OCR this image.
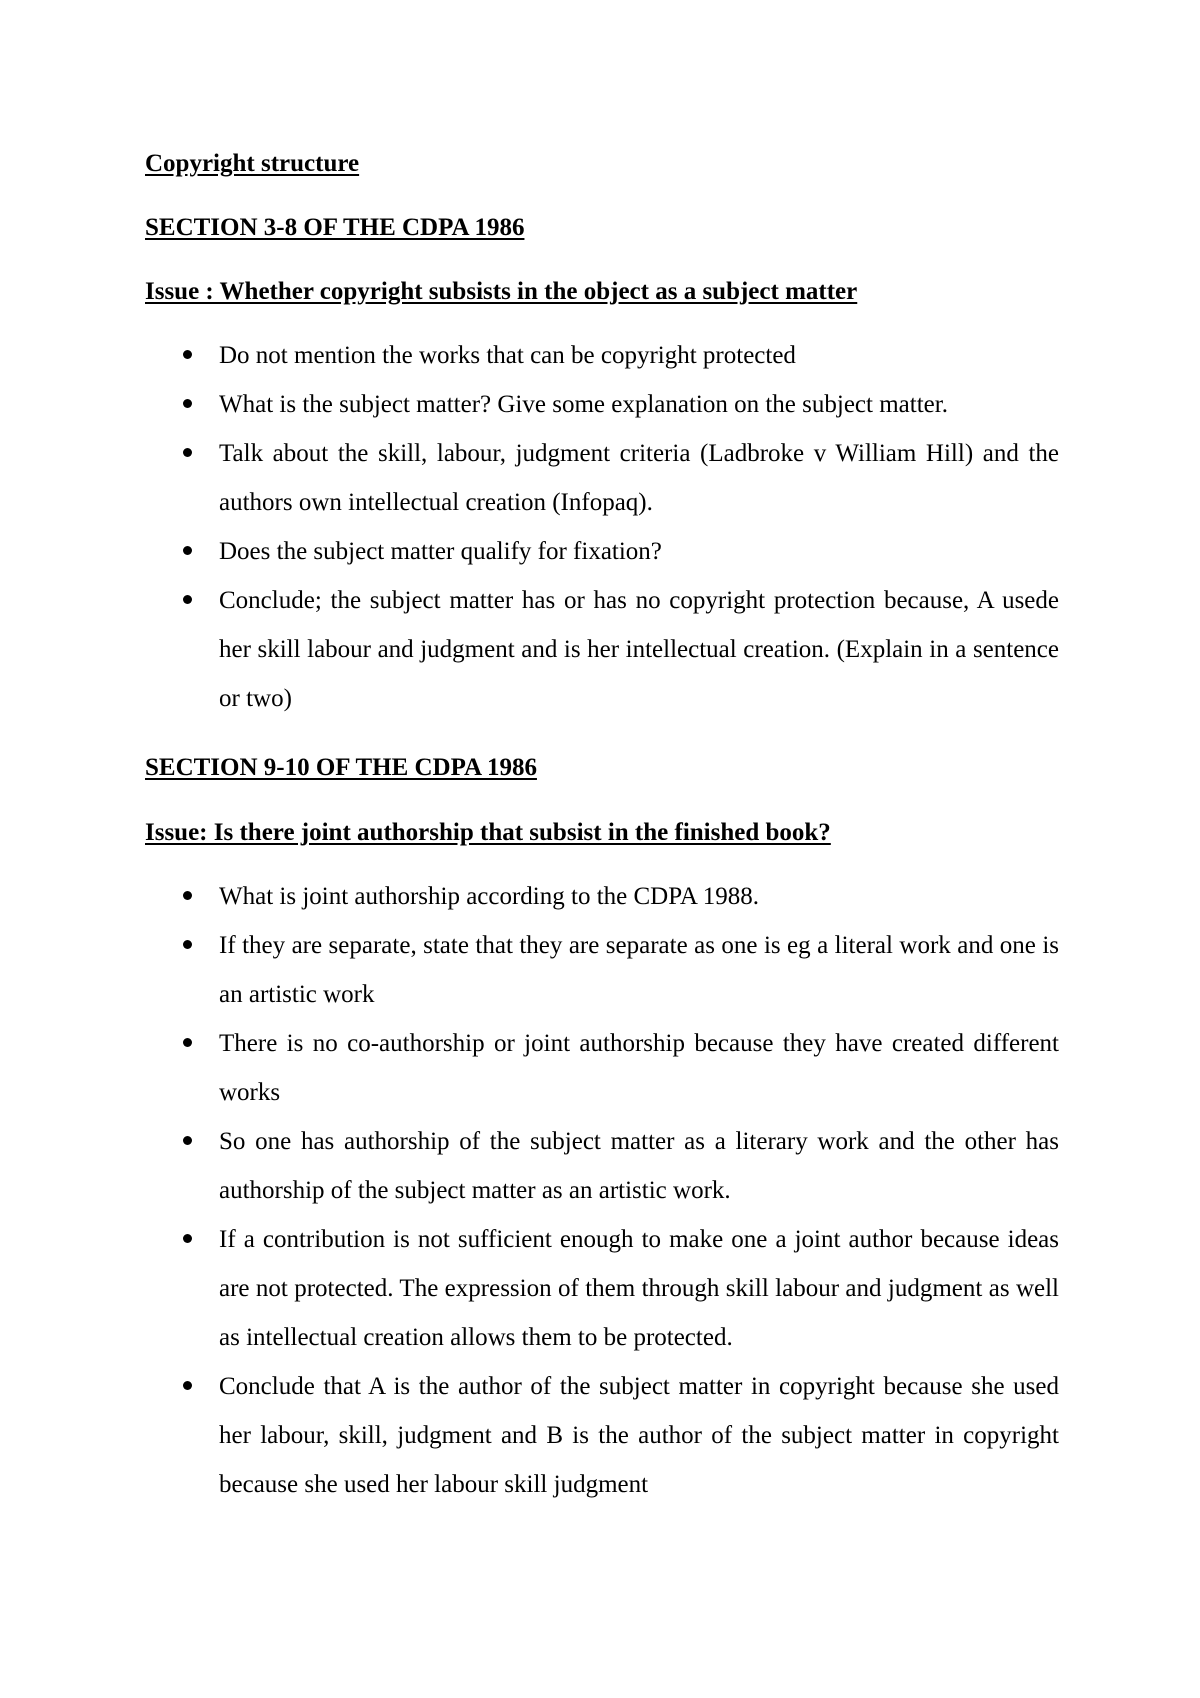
Copyright structure
SECTION 3-8 OF THE CDPA 1986
Issue : Whether copyright subsists in the object as a subject matter
Do not mention the works that can be copyright protected
What is the subject matter? Give some explanation on the subject matter.
Talk about the skill, labour, judgment criteria (Ladbroke v William Hill) and the authors own intellectual creation (Infopaq).
Does the subject matter qualify for fixation?
Conclude; the subject matter has or has no copyright protection because, A usede her skill labour and judgment and is her intellectual creation. (Explain in a sentence or two)
SECTION 9-10 OF THE CDPA 1986
Issue: Is there joint authorship that subsist in the finished book?
What is joint authorship according to the CDPA 1988.
If they are separate, state that they are separate as one is eg a literal work and one is an artistic work
There is no co-authorship or joint authorship because they have created different works
So one has authorship of the subject matter as a literary work and the other has authorship of the subject matter as an artistic work.
If a contribution is not sufficient enough to make one a joint author because ideas are not protected. The expression of them through skill labour and judgment as well as intellectual creation allows them to be protected.
Conclude that A is the author of the subject matter in copyright because she used her labour, skill, judgment and B is the author of the subject matter in copyright because she used her labour skill judgment
